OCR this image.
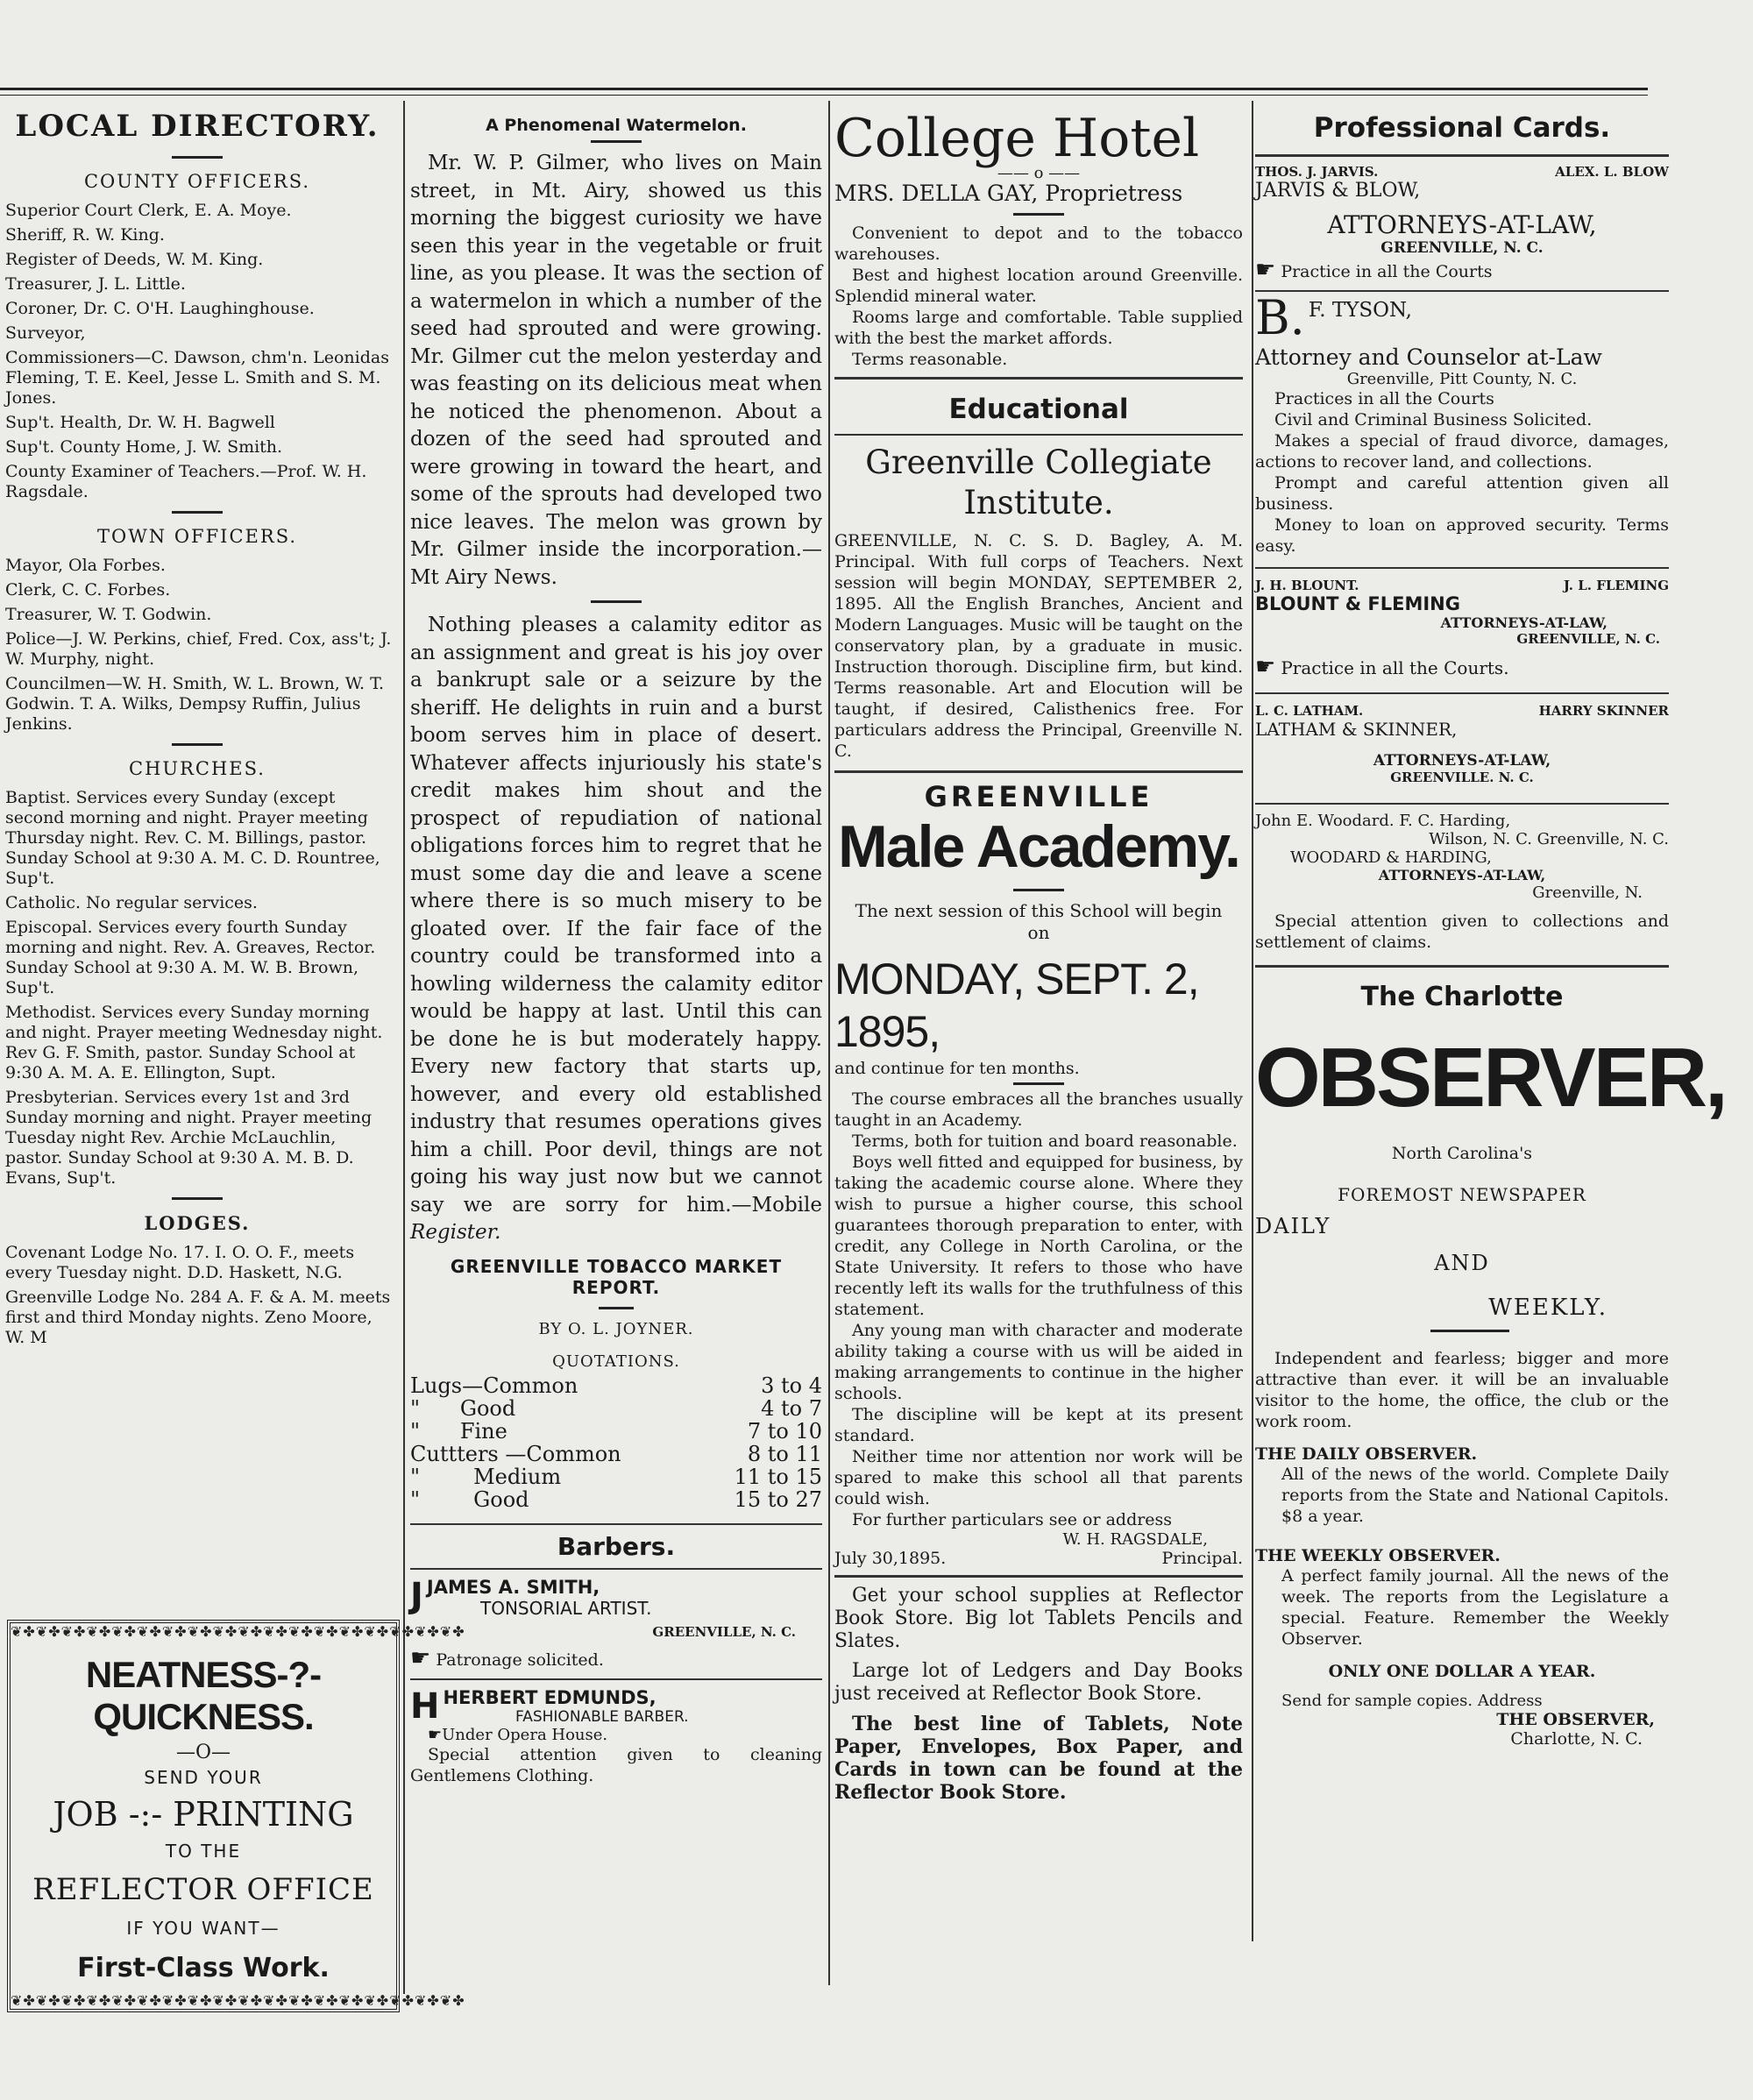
LOCAL DIRECTORY.

COUNTY OFFICERS.

Superior Court Clerk, E. A. Moye.

Sheriff, R. W. King.

Register of Deeds, W. M. King.

Treasurer, J. L. Little.

Coroner, Dr. C. O'H. Laughinghouse.

Surveyor,

Commissioners—C. Dawson, chm'n. Leonidas Fleming, T. E. Keel, Jesse L. Smith and S. M. Jones.

Sup't. Health, Dr. W. H. Bagwell

Sup't. County Home, J. W. Smith.

County Examiner of Teachers.—Prof. W. H. Ragsdale.

TOWN OFFICERS.

Mayor, Ola Forbes.

Clerk, C. C. Forbes.

Treasurer, W. T. Godwin.

Police—J. W. Perkins, chief, Fred. Cox, ass't; J. W. Murphy, night.

Councilmen—W. H. Smith, W. L. Brown, W. T. Godwin. T. A. Wilks, Dempsy Ruffin, Julius Jenkins.

CHURCHES.

Baptist. Services every Sunday (except second morning and night. Prayer meeting Thursday night. Rev. C. M. Billings, pastor. Sunday School at 9:30 A. M. C. D. Rountree, Sup't.

Catholic. No regular services.

Episcopal. Services every fourth Sunday morning and night. Rev. A. Greaves, Rector. Sunday School at 9:30 A. M. W. B. Brown, Sup't.

Methodist. Services every Sunday morning and night. Prayer meeting Wednesday night. Rev G. F. Smith, pastor. Sunday School at 9:30 A. M. A. E. Ellington, Supt.

Presbyterian. Services every 1st and 3rd Sunday morning and night. Prayer meeting Tuesday night Rev. Archie McLauchlin, pastor. Sunday School at 9:30 A. M. B. D. Evans, Sup't.

LODGES.

Covenant Lodge No. 17. I. O. O. F., meets every Tuesday night. D.D. Haskett, N.G.

Greenville Lodge No. 284 A. F. & A. M. meets first and third Monday nights. Zeno Moore, W. M

❦✤❦✤❦✤❦✤❦✤❦✤❦✤❦✤❦✤❦✤❦✤❦✤❦✤❦✤❦✤❦✤❦✤❦✤

NEATNESS-?-QUICKNESS.

—O—

SEND YOUR

JOB -:- PRINTING

TO THE

REFLECTOR OFFICE

IF YOU WANT—

First-Class Work.

❦✤❦✤❦✤❦✤❦✤❦✤❦✤❦✤❦✤❦✤❦✤❦✤❦✤❦✤❦✤❦✤❦✤❦✤

A Phenomenal Watermelon.

Mr. W. P. Gilmer, who lives on Main street, in Mt. Airy, showed us this morning the biggest curiosity we have seen this year in the vegetable or fruit line, as you please. It was the section of a watermelon in which a number of the seed had sprouted and were growing. Mr. Gilmer cut the melon yesterday and was feasting on its delicious meat when he noticed the phenomenon. About a dozen of the seed had sprouted and were growing in toward the heart, and some of the sprouts had developed two nice leaves. The melon was grown by Mr. Gilmer inside the incorporation.—Mt Airy News.

Nothing pleases a calamity editor as an assignment and great is his joy over a bankrupt sale or a seizure by the sheriff. He delights in ruin and a burst boom serves him in place of desert. Whatever affects injuriously his state's credit makes him shout and the prospect of repudiation of national obligations forces him to regret that he must some day die and leave a scene where there is so much misery to be gloated over. If the fair face of the country could be transformed into a howling wilderness the calamity editor would be happy at last. Until this can be done he is but moderately happy. Every new factory that starts up, however, and every old established industry that resumes operations gives him a chill. Poor devil, things are not going his way just now but we cannot say we are sorry for him.—Mobile Register.

GREENVILLE TOBACCO MARKET REPORT.

BY O. L. JOYNER.

QUOTATIONS.

Lugs—Common	3 to 4
"      Good	4 to 7
"      Fine	7 to 10
Cuttters —Common	8 to 11
"        Medium	11 to 15
"        Good	15 to 27

Barbers.

JJAMES A. SMITH,

TONSORIAL ARTIST.

GREENVILLE, N. C.

☛ Patronage solicited.

HHERBERT EDMUNDS,

FASHIONABLE BARBER.

☛Under Opera House.

Special attention given to cleaning Gentlemens Clothing.

College Hotel

—— o ——

MRS. DELLA GAY, Proprietress

Convenient to depot and to the tobacco warehouses.

Best and highest location around Greenville. Splendid mineral water.

Rooms large and comfortable. Table supplied with the best the market affords.

Terms reasonable.

Educational

Greenville Collegiate Institute.

GREENVILLE, N. C. S. D. Bagley, A. M. Principal. With full corps of Teachers. Next session will begin MONDAY, SEPTEMBER 2, 1895. All the English Branches, Ancient and Modern Languages. Music will be taught on the conservatory plan, by a graduate in music. Instruction thorough. Discipline firm, but kind. Terms reasonable. Art and Elocution will be taught, if desired, Calisthenics free. For particulars address the Principal, Greenville N. C.

GREENVILLE

Male Academy.

The next session of this School will begin on

MONDAY, SEPT. 2, 1895,

and continue for ten months.

The course embraces all the branches usually taught in an Academy.

Terms, both for tuition and board reasonable.

Boys well fitted and equipped for business, by taking the academic course alone. Where they wish to pursue a higher course, this school guarantees thorough preparation to enter, with credit, any College in North Carolina, or the State University. It refers to those who have recently left its walls for the truthfulness of this statement.

Any young man with character and moderate ability taking a course with us will be aided in making arrangements to continue in the higher schools.

The discipline will be kept at its present standard.

Neither time nor attention nor work will be spared to make this school all that parents could wish.

For further particulars see or address

W. H. RAGSDALE,

July 30,1895.	Principal.

Get your school supplies at Reflector Book Store. Big lot Tablets Pencils and Slates.

Large lot of Ledgers and Day Books just received at Reflector Book Store.

The best line of Tablets, Note Paper, Envelopes, Box Paper, and Cards in town can be found at the Reflector Book Store.

Professional Cards.

THOS. J. JARVIS.	ALEX. L. BLOW

JARVIS & BLOW,

ATTORNEYS-AT-LAW,

GREENVILLE, N. C.

☛ Practice in all the Courts

B. F. TYSON,

Attorney and Counselor at-Law

Greenville, Pitt County, N. C.

Practices in all the Courts

Civil and Criminal Business Solicited.

Makes a special of fraud divorce, damages, actions to recover land, and collections.

Prompt and careful attention given all business.

Money to loan on approved security. Terms easy.

J. H. BLOUNT.	J. L. FLEMING

BLOUNT & FLEMING

ATTORNEYS-AT-LAW,

GREENVILLE, N. C.

☛ Practice in all the Courts.

L. C. LATHAM.	HARRY SKINNER

LATHAM & SKINNER,

ATTORNEYS-AT-LAW,

GREENVILLE. N. C.

John E. Woodard. F. C. Harding,

Wilson, N. C. Greenville, N. C.

WOODARD & HARDING,

ATTORNEYS-AT-LAW,

Greenville, N.

Special attention given to collections and settlement of claims.

The Charlotte

OBSERVER,

North Carolina's

FOREMOST NEWSPAPER

DAILY

AND

WEEKLY.

Independent and fearless; bigger and more attractive than ever. it will be an invaluable visitor to the home, the office, the club or the work room.

THE DAILY OBSERVER.

All of the news of the world. Complete Daily reports from the State and National Capitols. $8 a year.

THE WEEKLY OBSERVER.

A perfect family journal. All the news of the week. The reports from the Legislature a special. Feature. Remember the Weekly Observer.

ONLY ONE DOLLAR A YEAR.

Send for sample copies. Address

THE OBSERVER,

Charlotte, N. C.
